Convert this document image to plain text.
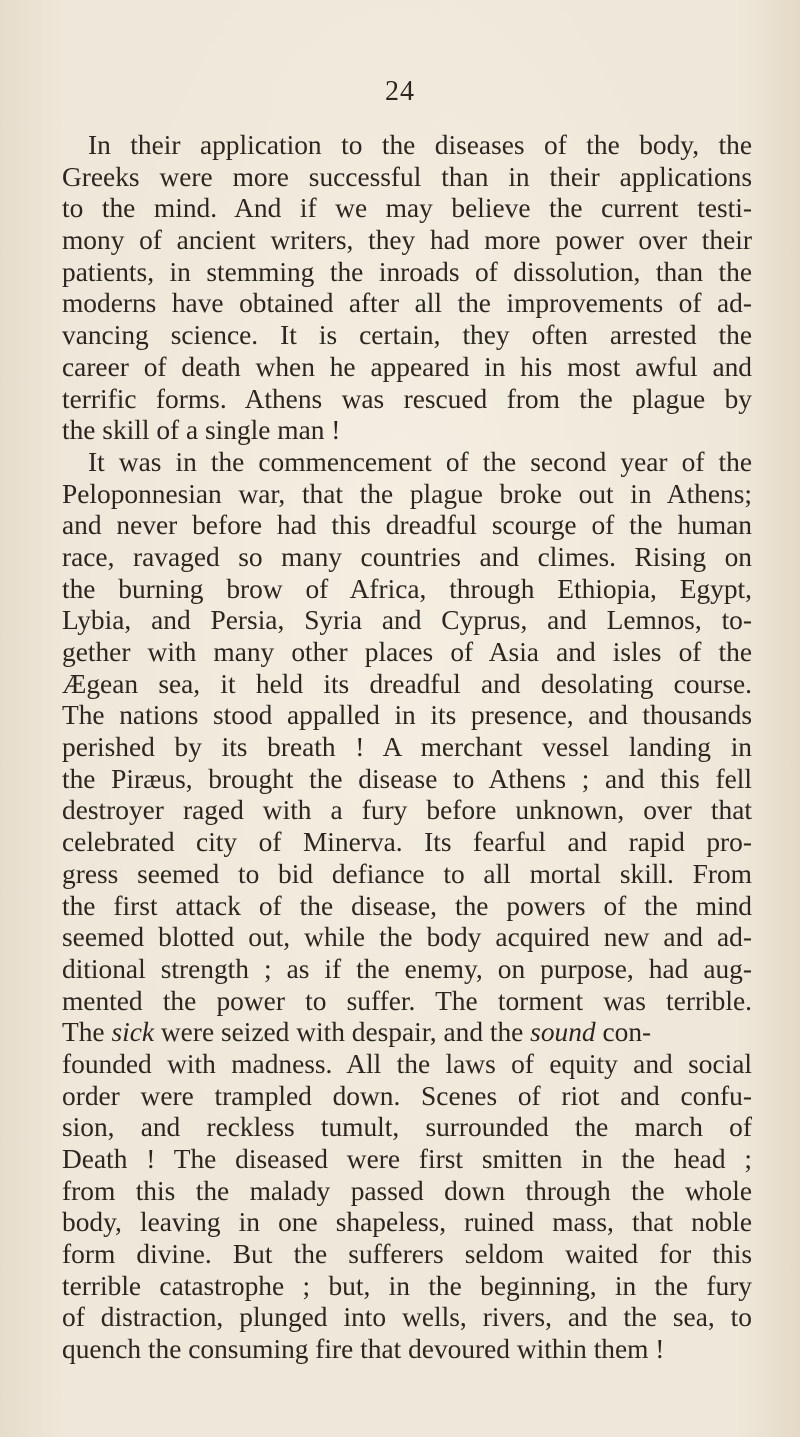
24
In their application to the diseases of the body, the
Greeks were more successful than in their applications
to the mind. And if we may believe the current testi-
mony of ancient writers, they had more power over their
patients, in stemming the inroads of dissolution, than the
moderns have obtained after all the improvements of ad-
vancing science. It is certain, they often arrested the
career of death when he appeared in his most awful and
terrific forms. Athens was rescued from the plague by
the skill of a single man !
It was in the commencement of the second year of the
Peloponnesian war, that the plague broke out in Athens;
and never before had this dreadful scourge of the human
race, ravaged so many countries and climes. Rising on
the burning brow of Africa, through Ethiopia, Egypt,
Lybia, and Persia, Syria and Cyprus, and Lemnos, to-
gether with many other places of Asia and isles of the
Ægean sea, it held its dreadful and desolating course.
The nations stood appalled in its presence, and thousands
perished by its breath ! A merchant vessel landing in
the Piræus, brought the disease to Athens ; and this fell
destroyer raged with a fury before unknown, over that
celebrated city of Minerva. Its fearful and rapid pro-
gress seemed to bid defiance to all mortal skill. From
the first attack of the disease, the powers of the mind
seemed blotted out, while the body acquired new and ad-
ditional strength ; as if the enemy, on purpose, had aug-
mented the power to suffer. The torment was terrible.
The sick were seized with despair, and the sound con-
founded with madness. All the laws of equity and social
order were trampled down. Scenes of riot and confu-
sion, and reckless tumult, surrounded the march of
Death ! The diseased were first smitten in the head ;
from this the malady passed down through the whole
body, leaving in one shapeless, ruined mass, that noble
form divine. But the sufferers seldom waited for this
terrible catastrophe ; but, in the beginning, in the fury
of distraction, plunged into wells, rivers, and the sea, to
quench the consuming fire that devoured within them !
